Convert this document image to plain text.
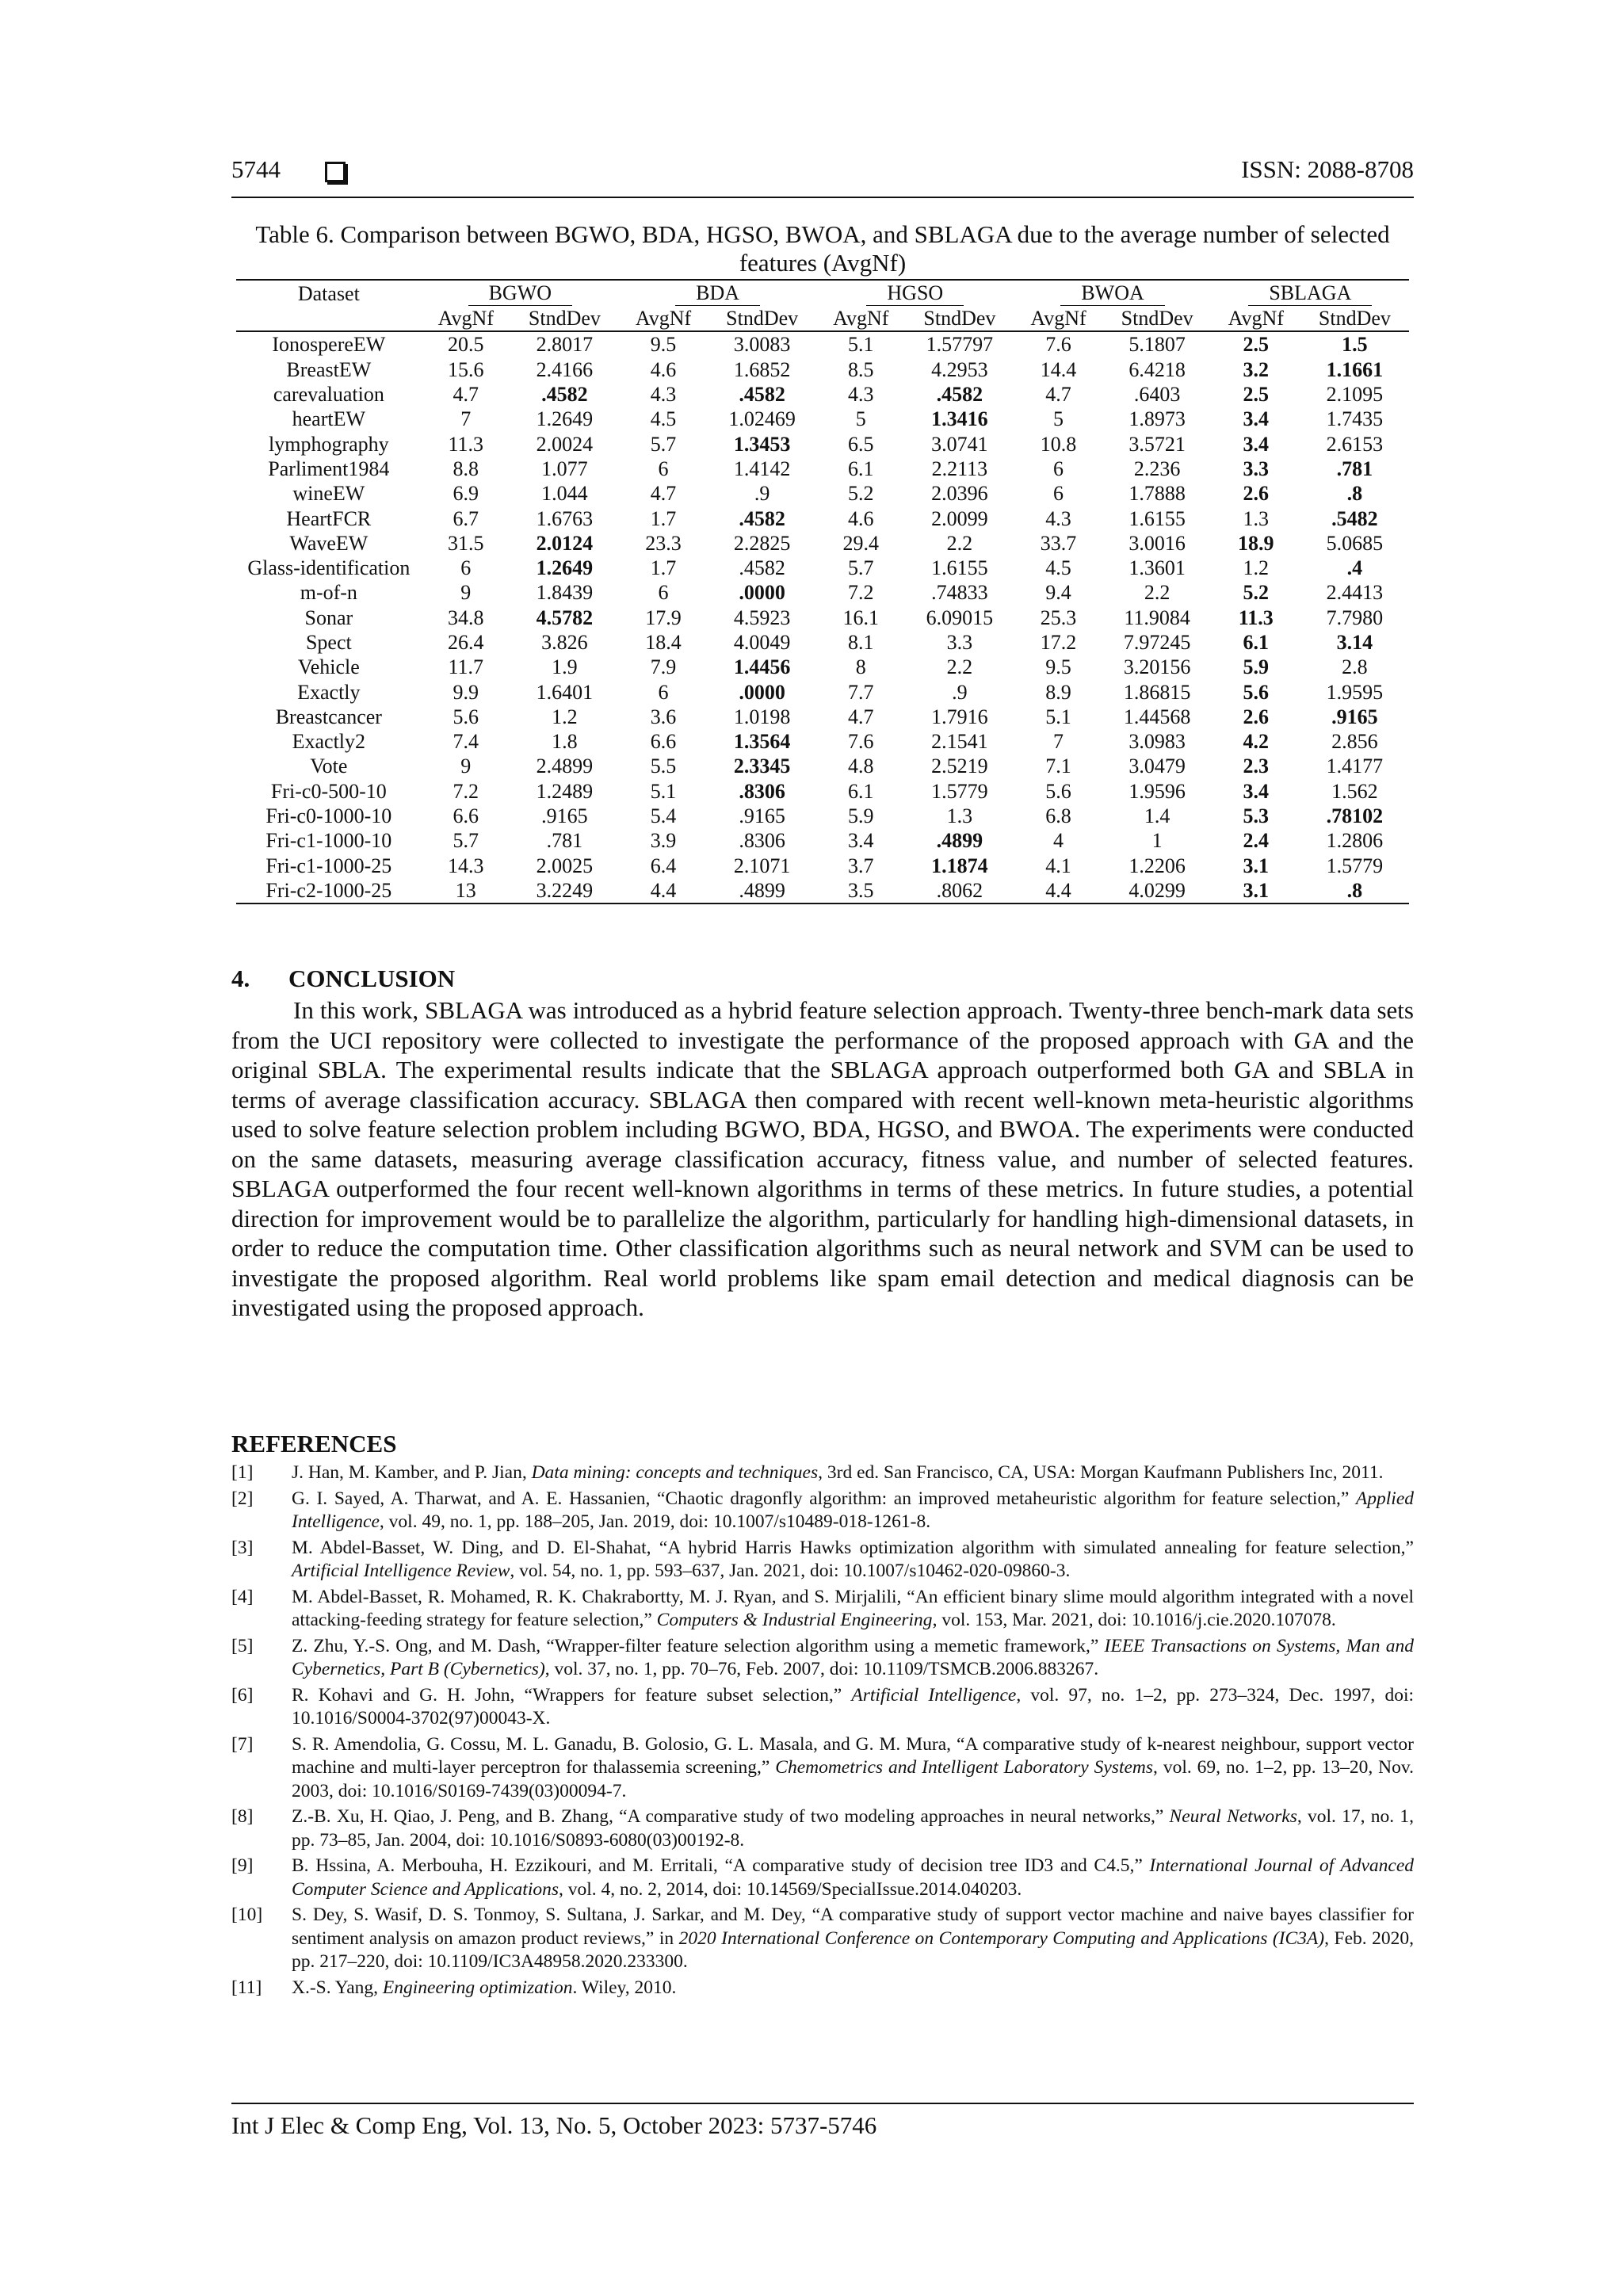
5744	ISSN: 2088-8708
Table 6. Comparison between BGWO, BDA, HGSO, BWOA, and SBLAGA due to the average number of selected features (AvgNf)
Dataset	BGWO		BDA		HGSO		BWOA		SBLAGA	
	AvgNf	StndDev	AvgNf	StndDev	AvgNf	StndDev	AvgNf	StndDev	AvgNf	StndDev
IonospereEW	20.5	2.8017	9.5	3.0083	5.1	1.57797	7.6	5.1807	2.5	1.5
BreastEW	15.6	2.4166	4.6	1.6852	8.5	4.2953	14.4	6.4218	3.2	1.1661
carevaluation	4.7	.4582	4.3	.4582	4.3	.4582	4.7	.6403	2.5	2.1095
heartEW	7	1.2649	4.5	1.02469	5	1.3416	5	1.8973	3.4	1.7435
lymphography	11.3	2.0024	5.7	1.3453	6.5	3.0741	10.8	3.5721	3.4	2.6153
Parliment1984	8.8	1.077	6	1.4142	6.1	2.2113	6	2.236	3.3	.781
wineEW	6.9	1.044	4.7	.9	5.2	2.0396	6	1.7888	2.6	.8
HeartFCR	6.7	1.6763	1.7	.4582	4.6	2.0099	4.3	1.6155	1.3	.5482
WaveEW	31.5	2.0124	23.3	2.2825	29.4	2.2	33.7	3.0016	18.9	5.0685
Glass-identification	6	1.2649	1.7	.4582	5.7	1.6155	4.5	1.3601	1.2	.4
m-of-n	9	1.8439	6	.0000	7.2	.74833	9.4	2.2	5.2	2.4413
Sonar	34.8	4.5782	17.9	4.5923	16.1	6.09015	25.3	11.9084	11.3	7.7980
Spect	26.4	3.826	18.4	4.0049	8.1	3.3	17.2	7.97245	6.1	3.14
Vehicle	11.7	1.9	7.9	1.4456	8	2.2	9.5	3.20156	5.9	2.8
Exactly	9.9	1.6401	6	.0000	7.7	.9	8.9	1.86815	5.6	1.9595
Breastcancer	5.6	1.2	3.6	1.0198	4.7	1.7916	5.1	1.44568	2.6	.9165
Exactly2	7.4	1.8	6.6	1.3564	7.6	2.1541	7	3.0983	4.2	2.856
Vote	9	2.4899	5.5	2.3345	4.8	2.5219	7.1	3.0479	2.3	1.4177
Fri-c0-500-10	7.2	1.2489	5.1	.8306	6.1	1.5779	5.6	1.9596	3.4	1.562
Fri-c0-1000-10	6.6	.9165	5.4	.9165	5.9	1.3	6.8	1.4	5.3	.78102
Fri-c1-1000-10	5.7	.781	3.9	.8306	3.4	.4899	4	1	2.4	1.2806
Fri-c1-1000-25	14.3	2.0025	6.4	2.1071	3.7	1.1874	4.1	1.2206	3.1	1.5779
Fri-c2-1000-25	13	3.2249	4.4	.4899	3.5	.8062	4.4	4.0299	3.1	.8
4. CONCLUSION

In this work, SBLAGA was introduced as a hybrid feature selection approach. Twenty-three bench-mark data sets from the UCI repository were collected to investigate the performance of the proposed approach with GA and the original SBLA. The experimental results indicate that the SBLAGA approach outperformed both GA and SBLA in terms of average classification accuracy. SBLAGA then compared with recent well-known meta-heuristic algorithms used to solve feature selection problem including BGWO, BDA, HGSO, and BWOA. The experiments were conducted on the same datasets, measuring average classification accuracy, fitness value, and number of selected features. SBLAGA outperformed the four recent well-known algorithms in terms of these metrics. In future studies, a potential direction for improvement would be to parallelize the algorithm, particularly for handling high-dimensional datasets, in order to reduce the computation time. Other classification algorithms such as neural network and SVM can be used to investigate the proposed algorithm. Real world problems like spam email detection and medical diagnosis can be investigated using the proposed approach.

REFERENCES
[1]	J. Han, M. Kamber, and P. Jian, Data mining: concepts and techniques, 3rd ed. San Francisco, CA, USA: Morgan Kaufmann Publishers Inc, 2011.
[2]	G. I. Sayed, A. Tharwat, and A. E. Hassanien, “Chaotic dragonfly algorithm: an improved metaheuristic algorithm for feature selection,” Applied Intelligence, vol. 49, no. 1, pp. 188–205, Jan. 2019, doi: 10.1007/s10489-018-1261-8.
[3]	M. Abdel-Basset, W. Ding, and D. El-Shahat, “A hybrid Harris Hawks optimization algorithm with simulated annealing for feature selection,” Artificial Intelligence Review, vol. 54, no. 1, pp. 593–637, Jan. 2021, doi: 10.1007/s10462-020-09860-3.
[4]	M. Abdel-Basset, R. Mohamed, R. K. Chakrabortty, M. J. Ryan, and S. Mirjalili, “An efficient binary slime mould algorithm integrated with a novel attacking-feeding strategy for feature selection,” Computers & Industrial Engineering, vol. 153, Mar. 2021, doi: 10.1016/j.cie.2020.107078.
[5]	Z. Zhu, Y.-S. Ong, and M. Dash, “Wrapper-filter feature selection algorithm using a memetic framework,” IEEE Transactions on Systems, Man and Cybernetics, Part B (Cybernetics), vol. 37, no. 1, pp. 70–76, Feb. 2007, doi: 10.1109/TSMCB.2006.883267.
[6]	R. Kohavi and G. H. John, “Wrappers for feature subset selection,” Artificial Intelligence, vol. 97, no. 1–2, pp. 273–324, Dec. 1997, doi: 10.1016/S0004-3702(97)00043-X.
[7]	S. R. Amendolia, G. Cossu, M. L. Ganadu, B. Golosio, G. L. Masala, and G. M. Mura, “A comparative study of k-nearest neighbour, support vector machine and multi-layer perceptron for thalassemia screening,” Chemometrics and Intelligent Laboratory Systems, vol. 69, no. 1–2, pp. 13–20, Nov. 2003, doi: 10.1016/S0169-7439(03)00094-7.
[8]	Z.-B. Xu, H. Qiao, J. Peng, and B. Zhang, “A comparative study of two modeling approaches in neural networks,” Neural Networks, vol. 17, no. 1, pp. 73–85, Jan. 2004, doi: 10.1016/S0893-6080(03)00192-8.
[9]	B. Hssina, A. Merbouha, H. Ezzikouri, and M. Erritali, “A comparative study of decision tree ID3 and C4.5,” International Journal of Advanced Computer Science and Applications, vol. 4, no. 2, 2014, doi: 10.14569/SpecialIssue.2014.040203.
[10]	S. Dey, S. Wasif, D. S. Tonmoy, S. Sultana, J. Sarkar, and M. Dey, “A comparative study of support vector machine and naive bayes classifier for sentiment analysis on amazon product reviews,” in 2020 International Conference on Contemporary Computing and Applications (IC3A), Feb. 2020, pp. 217–220, doi: 10.1109/IC3A48958.2020.233300.
[11]	X.-S. Yang, Engineering optimization. Wiley, 2010.
Int J Elec & Comp Eng, Vol. 13, No. 5, October 2023: 5737-5746
